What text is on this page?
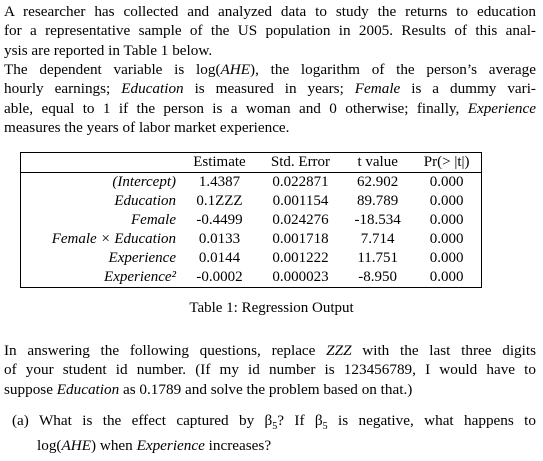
A researcher has collected and analyzed data to study the returns to education
for a representative sample of the US population in 2005. Results of this anal-
ysis are reported in Table 1 below.
The dependent variable is log(AHE), the logarithm of the person’s average
hourly earnings; Education is measured in years; Female is a dummy vari-
able, equal to 1 if the person is a woman and 0 otherwise; finally, Experience
measures the years of labor market experience.
	Estimate	Std. Error	t value	Pr(> |t|)
(Intercept)	1.4387	0.022871	62.902	0.000
Education	0.1ZZZ	0.001154	89.789	0.000
Female	-0.4499	0.024276	-18.534	0.000
Female × Education	0.0133	0.001718	7.714	0.000
Experience	0.0144	0.001222	11.751	0.000
Experience²	-0.0002	0.000023	-8.950	0.000
Table 1: Regression Output
In answering the following questions, replace ZZZ with the last three digits
of your student id number. (If my id number is 123456789, I would have to
suppose Education as 0.1789 and solve the problem based on that.)
(a) What is the effect captured by $\beta_5$? If $\beta_5$ is negative, what happens to
log(AHE) when Experience increases?
